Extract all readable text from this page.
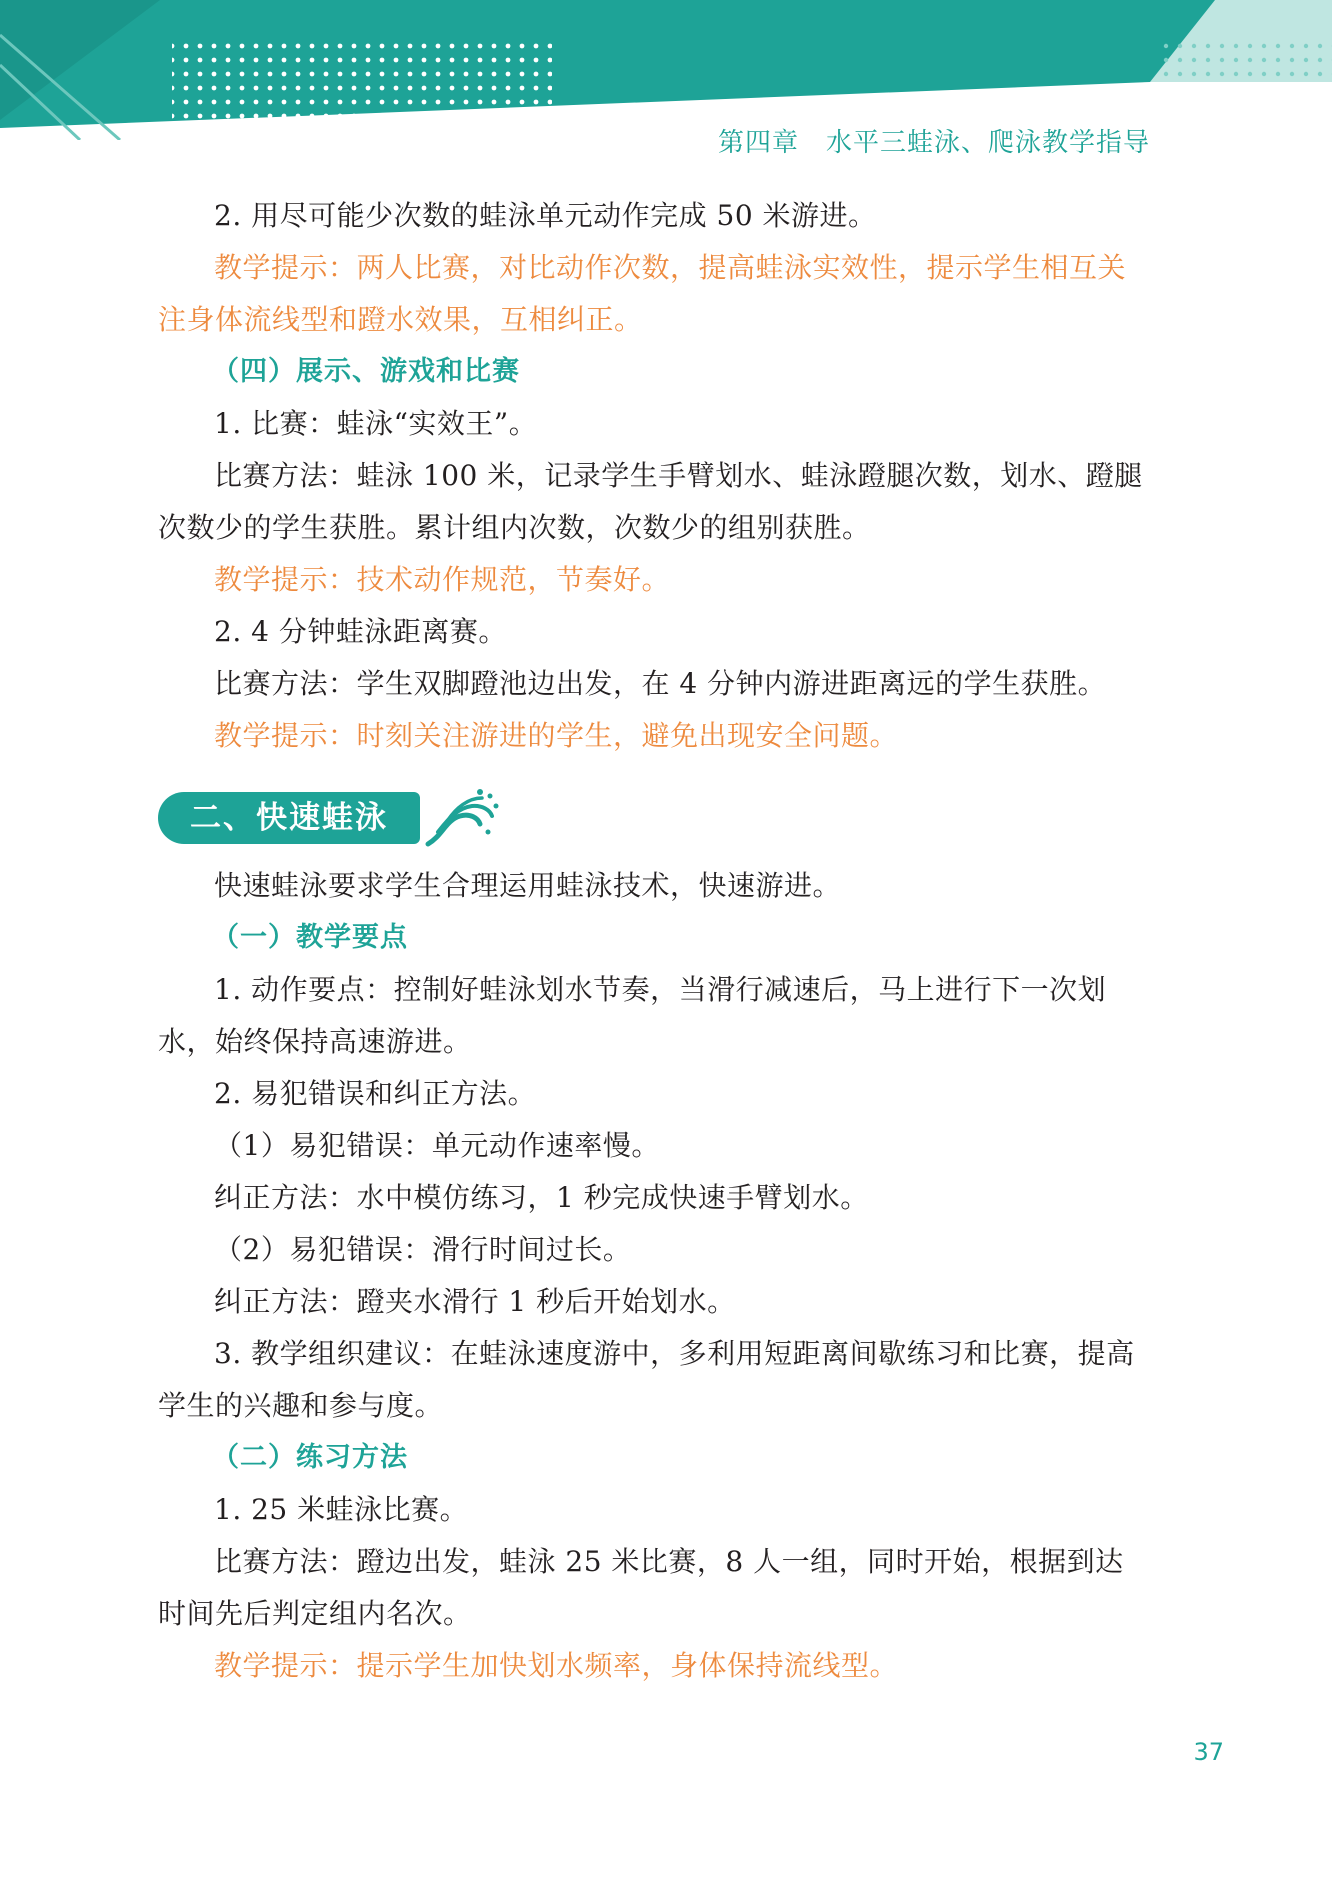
第四章　水平三蛙泳、爬泳教学指导

2. 用尽可能少次数的蛙泳单元动作完成 50 米游进。

教学提示：两人比赛，对比动作次数，提高蛙泳实效性，提示学生相互关注身体流线型和蹬水效果，互相纠正。

（四）展示、游戏和比赛

1. 比赛：蛙泳“实效王”。

比赛方法：蛙泳 100 米，记录学生手臂划水、蛙泳蹬腿次数，划水、蹬腿次数少的学生获胜。累计组内次数，次数少的组别获胜。

教学提示：技术动作规范，节奏好。

2. 4 分钟蛙泳距离赛。

比赛方法：学生双脚蹬池边出发，在 4 分钟内游进距离远的学生获胜。

教学提示：时刻关注游进的学生，避免出现安全问题。

二、快速蛙泳

快速蛙泳要求学生合理运用蛙泳技术，快速游进。

（一）教学要点

1. 动作要点：控制好蛙泳划水节奏，当滑行减速后，马上进行下一次划水，始终保持高速游进。

2. 易犯错误和纠正方法。

（1）易犯错误：单元动作速率慢。

纠正方法：水中模仿练习，1 秒完成快速手臂划水。

（2）易犯错误：滑行时间过长。

纠正方法：蹬夹水滑行 1 秒后开始划水。

3. 教学组织建议：在蛙泳速度游中，多利用短距离间歇练习和比赛，提高学生的兴趣和参与度。

（二）练习方法

1. 25 米蛙泳比赛。

比赛方法：蹬边出发，蛙泳 25 米比赛，8 人一组，同时开始，根据到达时间先后判定组内名次。

教学提示：提示学生加快划水频率，身体保持流线型。

37
